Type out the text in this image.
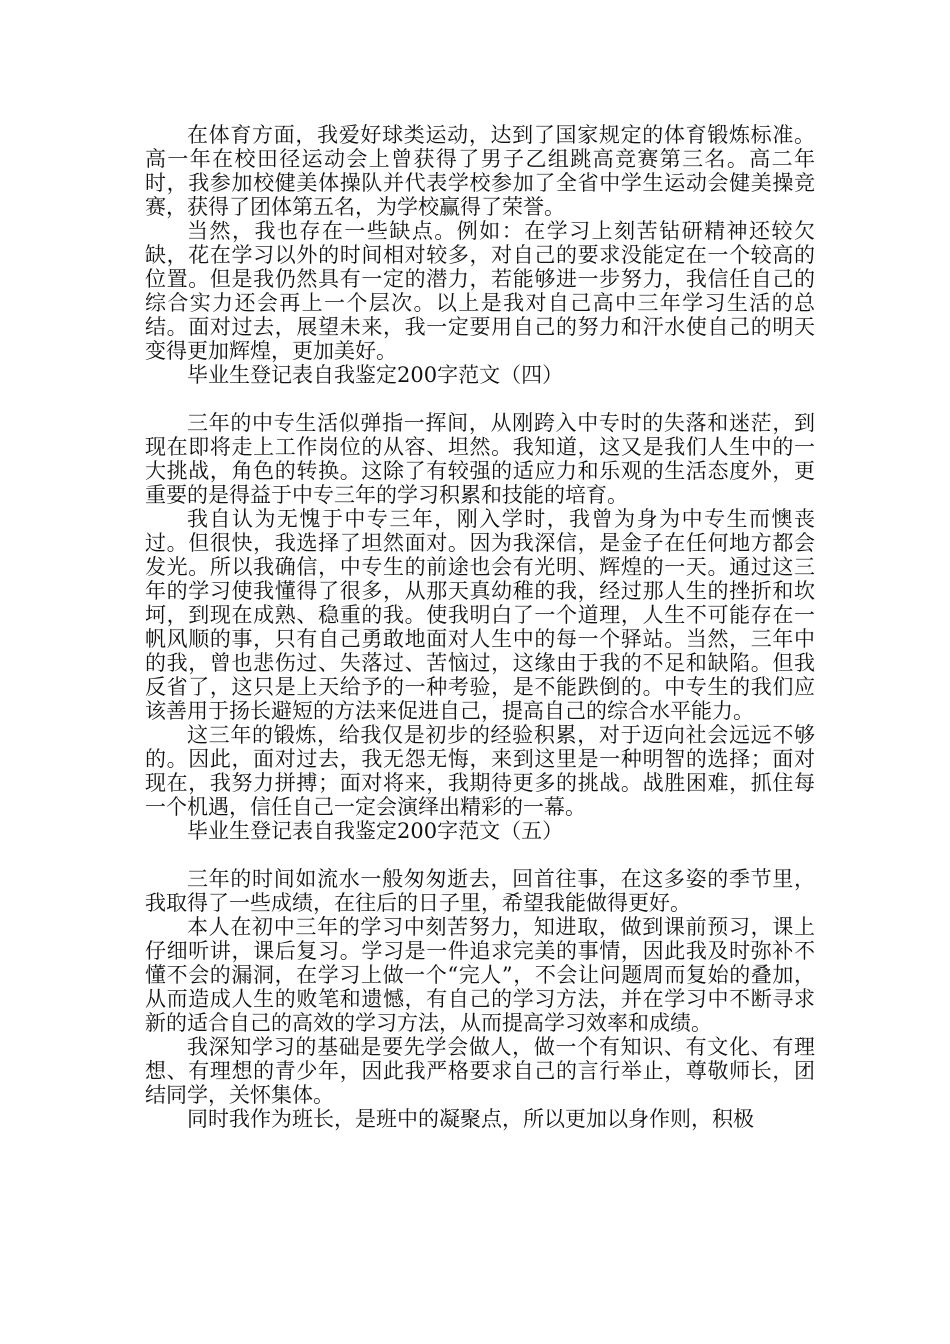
在体育方面，我爱好球类运动，达到了国家规定的体育锻炼标准。高一年在校田径运动会上曾获得了男子乙组跳高竞赛第三名。高二年时，我参加校健美体操队并代表学校参加了全省中学生运动会健美操竞赛，获得了团体第五名，为学校赢得了荣誉。

当然，我也存在一些缺点。例如：在学习上刻苦钻研精神还较欠缺，花在学习以外的时间相对较多，对自己的要求没能定在一个较高的位置。但是我仍然具有一定的潜力，若能够进一步努力，我信任自己的综合实力还会再上一个层次。以上是我对自己高中三年学习生活的总结。面对过去，展望未来，我一定要用自己的努力和汗水使自己的明天变得更加辉煌，更加美好。

毕业生登记表自我鉴定200字范文（四）

三年的中专生活似弹指一挥间，从刚跨入中专时的失落和迷茫，到现在即将走上工作岗位的从容、坦然。我知道，这又是我们人生中的一大挑战，角色的转换。这除了有较强的适应力和乐观的生活态度外，更重要的是得益于中专三年的学习积累和技能的培育。

我自认为无愧于中专三年，刚入学时，我曾为身为中专生而懊丧过。但很快，我选择了坦然面对。因为我深信，是金子在任何地方都会发光。所以我确信，中专生的前途也会有光明、辉煌的一天。通过这三年的学习使我懂得了很多，从那天真幼稚的我，经过那人生的挫折和坎坷，到现在成熟、稳重的我。使我明白了一个道理，人生不可能存在一帆风顺的事，只有自己勇敢地面对人生中的每一个驿站。当然，三年中的我，曾也悲伤过、失落过、苦恼过，这缘由于我的不足和缺陷。但我反省了，这只是上天给予的一种考验，是不能跌倒的。中专生的我们应该善用于扬长避短的方法来促进自己，提高自己的综合水平能力。

这三年的锻炼，给我仅是初步的经验积累，对于迈向社会远远不够的。因此，面对过去，我无怨无悔，来到这里是一种明智的选择；面对现在，我努力拼搏；面对将来，我期待更多的挑战。战胜困难，抓住每一个机遇，信任自己一定会演绎出精彩的一幕。

毕业生登记表自我鉴定200字范文（五）

三年的时间如流水一般匆匆逝去，回首往事，在这多姿的季节里，我取得了一些成绩，在往后的日子里，希望我能做得更好。

本人在初中三年的学习中刻苦努力，知进取，做到课前预习，课上仔细听讲，课后复习。学习是一件追求完美的事情，因此我及时弥补不懂不会的漏洞，在学习上做一个“完人”，不会让问题周而复始的叠加，从而造成人生的败笔和遗憾，有自己的学习方法，并在学习中不断寻求新的适合自己的高效的学习方法，从而提高学习效率和成绩。

我深知学习的基础是要先学会做人，做一个有知识、有文化、有理想、有理想的青少年，因此我严格要求自己的言行举止，尊敬师长，团结同学，关怀集体。

同时我作为班长，是班中的凝聚点，所以更加以身作则，积极
